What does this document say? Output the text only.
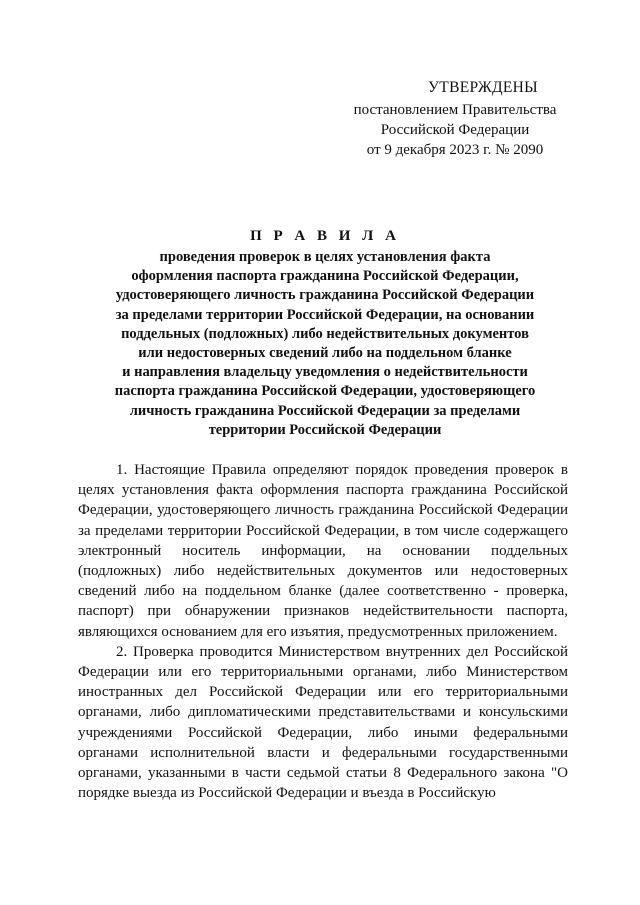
УТВЕРЖДЕНЫ
постановлением Правительства
Российской Федерации
от 9 декабря 2023 г. № 2090
П Р А В И Л А
проведения проверок в целях установления факта
оформления паспорта гражданина Российской Федерации,
удостоверяющего личность гражданина Российской Федерации
за пределами территории Российской Федерации, на основании
поддельных (подложных) либо недействительных документов
или недостоверных сведений либо на поддельном бланке
и направления владельцу уведомления о недействительности
паспорта гражданина Российской Федерации, удостоверяющего
личность гражданина Российской Федерации за пределами
территории Российской Федерации

1. Настоящие Правила определяют порядок проведения проверок в целях установления факта оформления паспорта гражданина Российской Федерации, удостоверяющего личность гражданина Российской Федерации за пределами территории Российской Федерации, в том числе содержащего электронный носитель информации, на основании поддельных (подложных) либо недействительных документов или недостоверных сведений либо на поддельном бланке (далее соответственно - проверка, паспорт) при обнаружении признаков недействительности паспорта, являющихся основанием для его изъятия, предусмотренных приложением.

2. Проверка проводится Министерством внутренних дел Российской Федерации или его территориальными органами, либо Министерством иностранных дел Российской Федерации или его территориальными органами, либо дипломатическими представительствами и консульскими учреждениями Российской Федерации, либо иными федеральными органами исполнительной власти и федеральными государственными органами, указанными в части седьмой статьи 8 Федерального закона "О порядке выезда из Российской Федерации и въезда в Российскую
